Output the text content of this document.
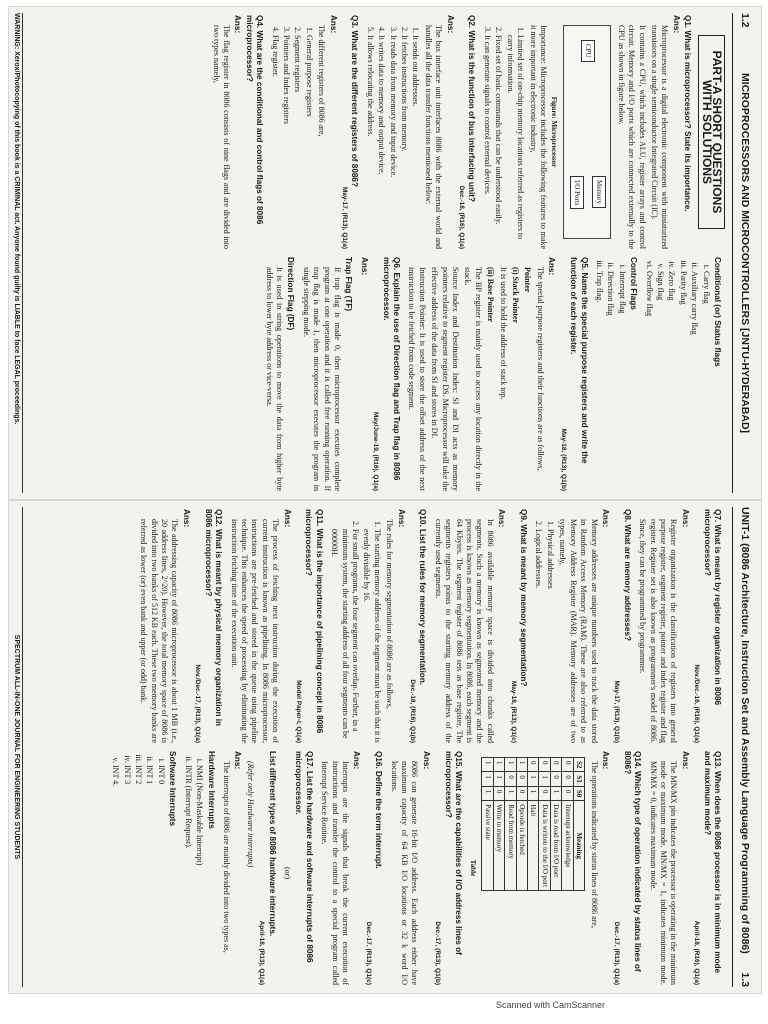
1.2
MICROPROCESSORS AND MICROCONTROLLERS [JNTU-HYDERABAD]
PART-A SHORT QUESTIONS WITH SOLUTIONS
Q1. What is microprocessor? State its importance.
Ans:
Microprocessor is a digital electronic component with miniaturized transistors on a single semiconductor Integrated Circuit (IC).
It contains a CPU, which includes ALU, register arrays and control circuit. Memory and I/O ports which are connected externally to the CPU as shown in figure below.
CPU
Memory
I/O Ports
Figure: Microprocessor
Importance: Microprocessor includes the following features to make it more important in electronic industry,
1. Limited set of on-chip memory locations referred as registers to carry information.
2. Fixed set of basic commands that can be understood easily.
3. It can generate signals to control external devices.
Q2. What is the function of bus interfacing unit?
Dec.-18, (R16), Q1(a)
Ans:
The bus interface unit interfaces 8086 with the external world and handles all the data transfer functions mentioned below:
1. It sends out addresses.
2. It fetches instructions from memory.
3. It reads data from memory and input device.
4. It writes data to memory and output device.
5. It allows relocating the address.
Q3. What are the different registers of 8086?
May-17, (R13), Q1(a)
Ans:
The different registers of 8086 are,
1. General purpose registers
2. Segment registers
3. Pointers and Index registers
4. Flag register.
Q4. What are the conditional and control flags of 8086 microprocessor?
Ans:
The flag register in 8086 consists of nine flags and are divided into two types namely,
Conditional (or) Status flags
i. Carry flag
ii. Auxiliary carry flag
iii. Parity flag
iv. Zero flag
v. Sign flag
vi. Overflow flag
Control Flags
i. Interrupt flag
ii. Direction flag
iii. Trap flag.
Q5. Name the special purpose registers and write the function of each register.
May-18, (R13), Q1(b)
Ans:
The special purpose registers and their functions are as follows,
Pointer
(i) Stack Pointer
It is used to hold the address of stack top.
(ii) Base Pointer
The BP register is mainly used to access any location directly in the stack.
Source Index and Destination Index: SI and DI acts as memory pointers relative to segment register DS. Microprocessor will take the effective address of the data from SI and stores in DI.
Instruction Pointer: It is used to store the offset address of the next instruction to be fetched from code segment.
Q6. Explain the use of Direction flag and Trap flag in 8086 microprocessor.
May/June-19, (R16), Q1(a)
Ans:
Trap Flag (TF)
If trap flag is made 0, then microprocessor executes complete program at one operation and it is called free running operation. If trap flag is made 1, then microprocessor executes the program in single stepping mode.
Direction Flag (DF)
It is used in string operations to move the data from higher byte address to lower byte address or vice-versa.
WARNING: Xerox/Photocopying of this book is a CRIMINAL act. Anyone found guilty is LIABLE to face LEGAL proceedings.
UNIT-1 (8086 Architecture, Instruction Set and Assembly Language Programming of 8086)
1.3
Q7. What is meant by register organization in 8086 microprocessor?
Nov./Dec.-16, (R16), Q1(a)
Ans:
Register organization is the classification of registers into general purpose register, segment register, pointer and index register and flag register. Register set is also known as programmer's model of 8086. Since, they can be programmed by programmer.
Q8. What are memory addresses?
May-17, (R13), Q1(b)
Ans:
Memory addresses are unique numbers used to track the data stored in Random Access Memory (RAM). These are also referred to as Memory Address Register (MAR). Memory addresses are of two types, namely,
1. Physical addresses
2. Logical addresses.
Q9. What is meant by memory segmentation?
May-18, (R13), Q1(c)
Ans:
In 8086 available memory space is divided into chunks called segments. Such a memory is known as segmented memory and the process is known as memory segmentation. In 8086, each segment is 64 Kbytes. The segment register of 8086 sets as base register. The segments registers points to the starting memory address of the currently used segments.
Q10. List the rules for memory segmentation.
Dec.-18, (R16), Q1(b)
Ans:
The rules for memory segmentation of 8086 are as follows,
1. The starting memory address of the segment must be such that it is evenly divisible by 16.
2. For small programs, the four segment can overlap. Further, in a minimum system, the starting address of all four segments can be 00000H.
Q11. What is the importance of pipelining concept in 8086 microprocessor?
Model Paper-I, Q1(a)
Ans:
The process of fetching next instruction during the execution of current instruction is known as pipelining. In 8086 microprocessor, instructions are pre-fetched and stored in the queue using pipeline technique. This enhances the speed of processing by eliminating the instruction fetching time of the execution unit.
Q12. What is meant by physical memory organization in 8086 microprocessor?
Nov./Dec.-17, (R13), Q1(a)
Ans:
The addressing capacity of 8086 microprocessor is about 1 MB (i.e., 20 address lines, 2^20). However, the total memory space of 8086 is divided into two banks of 512 KB each. These two memory banks are referred as lower (or) even bank and upper (or odd) bank.
Q13. When does the 8086 processor is in minimum mode and maximum mode?
April-18, (R16), Q1(a)
Ans:
The MN/MX pin indicates the processor is operating in the minimum mode or maximum mode. MN/MX = 1, indicates minimum mode. MN/MX = 0, indicates maximum mode.
Q14. Which type of operation indicated by status lines of 8086?
Dec.-17, (R13), Q1(a)
Ans:
The operations indicated by status lines of 8086 are,
S2	S1	S0	Meaning
0	0	0	Interrupt acknowledge
0	0	1	Data is read from I/O port
0	1	0	Data is written to the I/O port
0	1	1	Halt
1	0	0	Opcode is fetched
1	0	1	Read from memory
1	1	0	Write to memory
1	1	1	Passive state
Table
Q15. What are the capabilities of I/O address lines of microprocessor?
Dec.-17, (R13), Q1(b)
Ans:
8086 can generate 16-bit I/O address. Each address either have maximum capacity of 64 KB I/O locations or 32 k word I/O locations.
Q16. Define the term interrupt.
Dec.-17, (R13), Q1(c)
Ans:
Interrupts are the signals that break the current execution of instructions and transfer the control to a special program called Interrupt Service Routine.
Q17. List the hardware and software interrupts of 8086 microprocessor.
(or)
List different types of 8086 hardware interrupts.
April-18, (R13), Q1(a)
(Refer only Hardware interrupts)
Ans:
The interrupts of 8086 are mainly divided into two types as,
Hardware Interrupts
i. NMI (Non-Maskable Interrupt)
ii. INTR (Interrupt Request).
Software Interrupts
i. INT 0
ii. INT 1
iii. INT 2
iv. INT 3
v. INT 4.
SPECTRUM ALL-IN-ONE JOURNAL FOR ENGINEERING STUDENTS
Scanned with CamScanner
